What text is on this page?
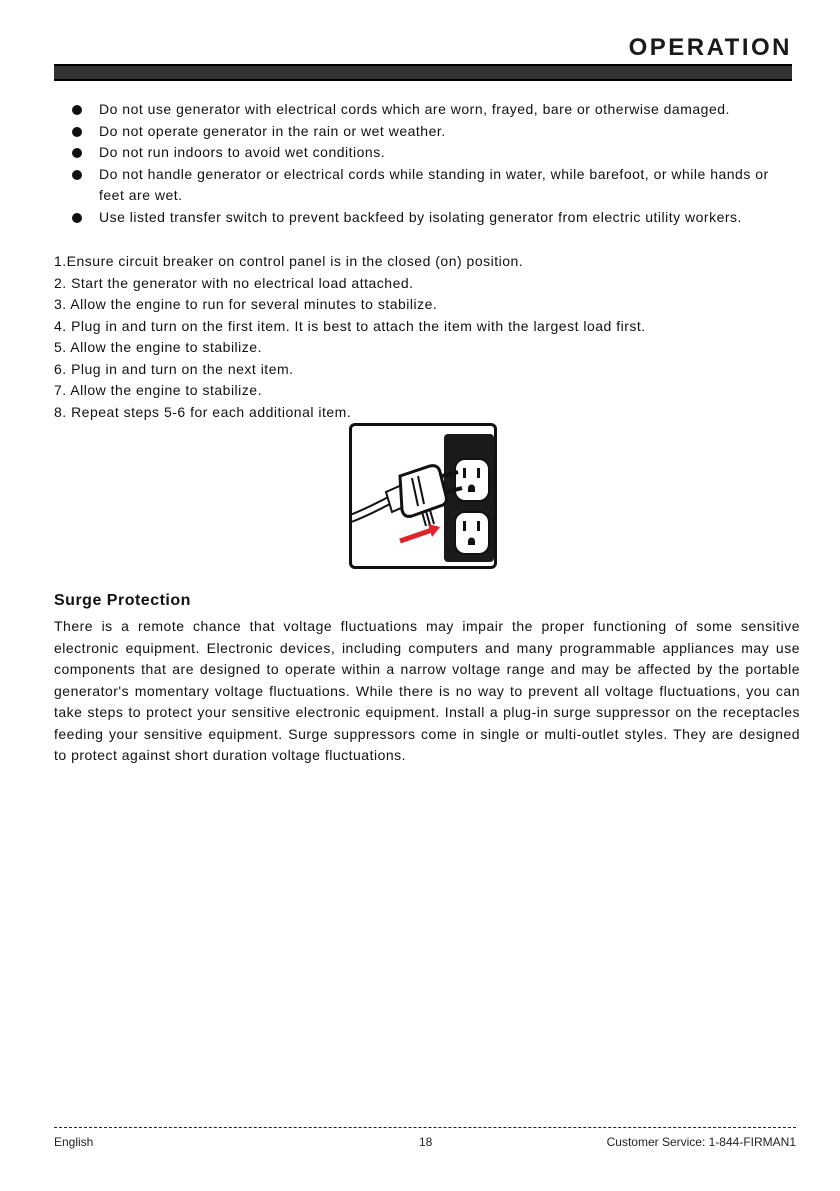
OPERATION
Do not use generator with electrical cords which are worn, frayed, bare or otherwise damaged.
Do not operate generator in the rain or wet weather.
Do not run indoors to avoid wet conditions.
Do not handle generator or electrical cords while standing in water, while barefoot, or while hands or feet are wet.
Use listed transfer switch to prevent backfeed by isolating generator from electric utility workers.
1.Ensure circuit breaker on control panel is in the closed (on) position.
2. Start the generator with no electrical load attached.
3. Allow the engine to run for several minutes to stabilize.
4. Plug in and turn on the first item. It is best to attach the item with the largest load first.
5. Allow the engine to stabilize.
6. Plug in and turn on the next item.
7. Allow the engine to stabilize.
8. Repeat steps 5-6 for each additional item.
Surge Protection

There is a remote chance that voltage fluctuations may impair the proper functioning of some sensitive electronic equipment. Electronic devices, including computers and many programmable appliances may use components that are designed to operate within a narrow voltage range and may be affected by the portable generator's momentary voltage fluctuations. While there is no way to prevent all voltage fluctuations, you can take steps to protect your sensitive electronic equipment. Install a plug-in surge suppressor on the receptacles feeding your sensitive equipment. Surge suppressors come in single or multi-outlet styles. They are designed to protect against short duration voltage fluctuations.

English	18	Customer Service: 1-844-FIRMAN1
